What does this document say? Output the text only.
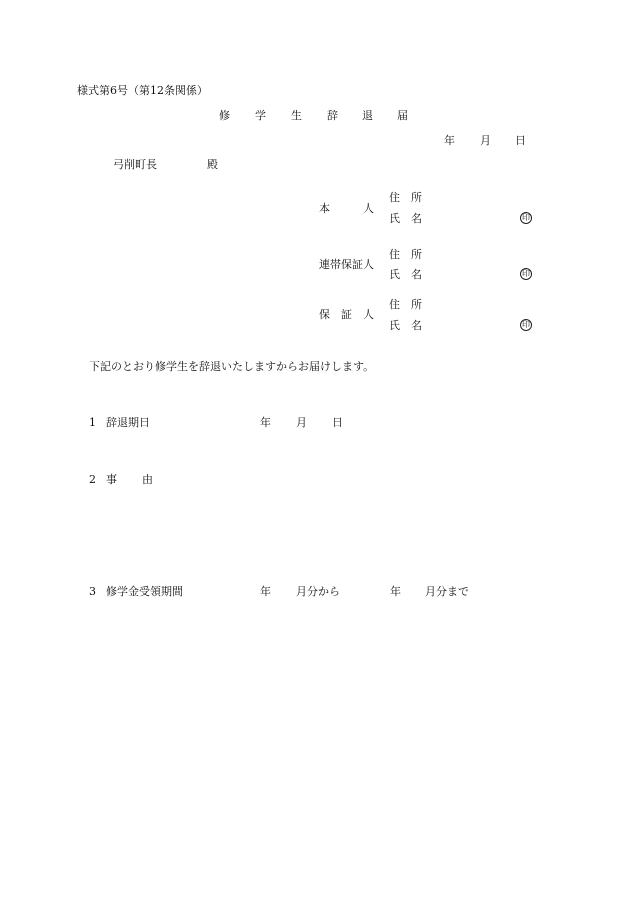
様式第6号（第12条関係）
修 学 生 辞 退 届
年 月 日
弓削町長	殿
本　　　人
住　所
氏　名	印
連帯保証人
住　所
氏　名	印
保　証　人
住　所
氏　名	印
下記のとおり修学生を辞退いたしますからお届けします。
1 辞退期日	年 月 日
2 事 由
3 修学金受領期間	年 月分から	年 月分まで
